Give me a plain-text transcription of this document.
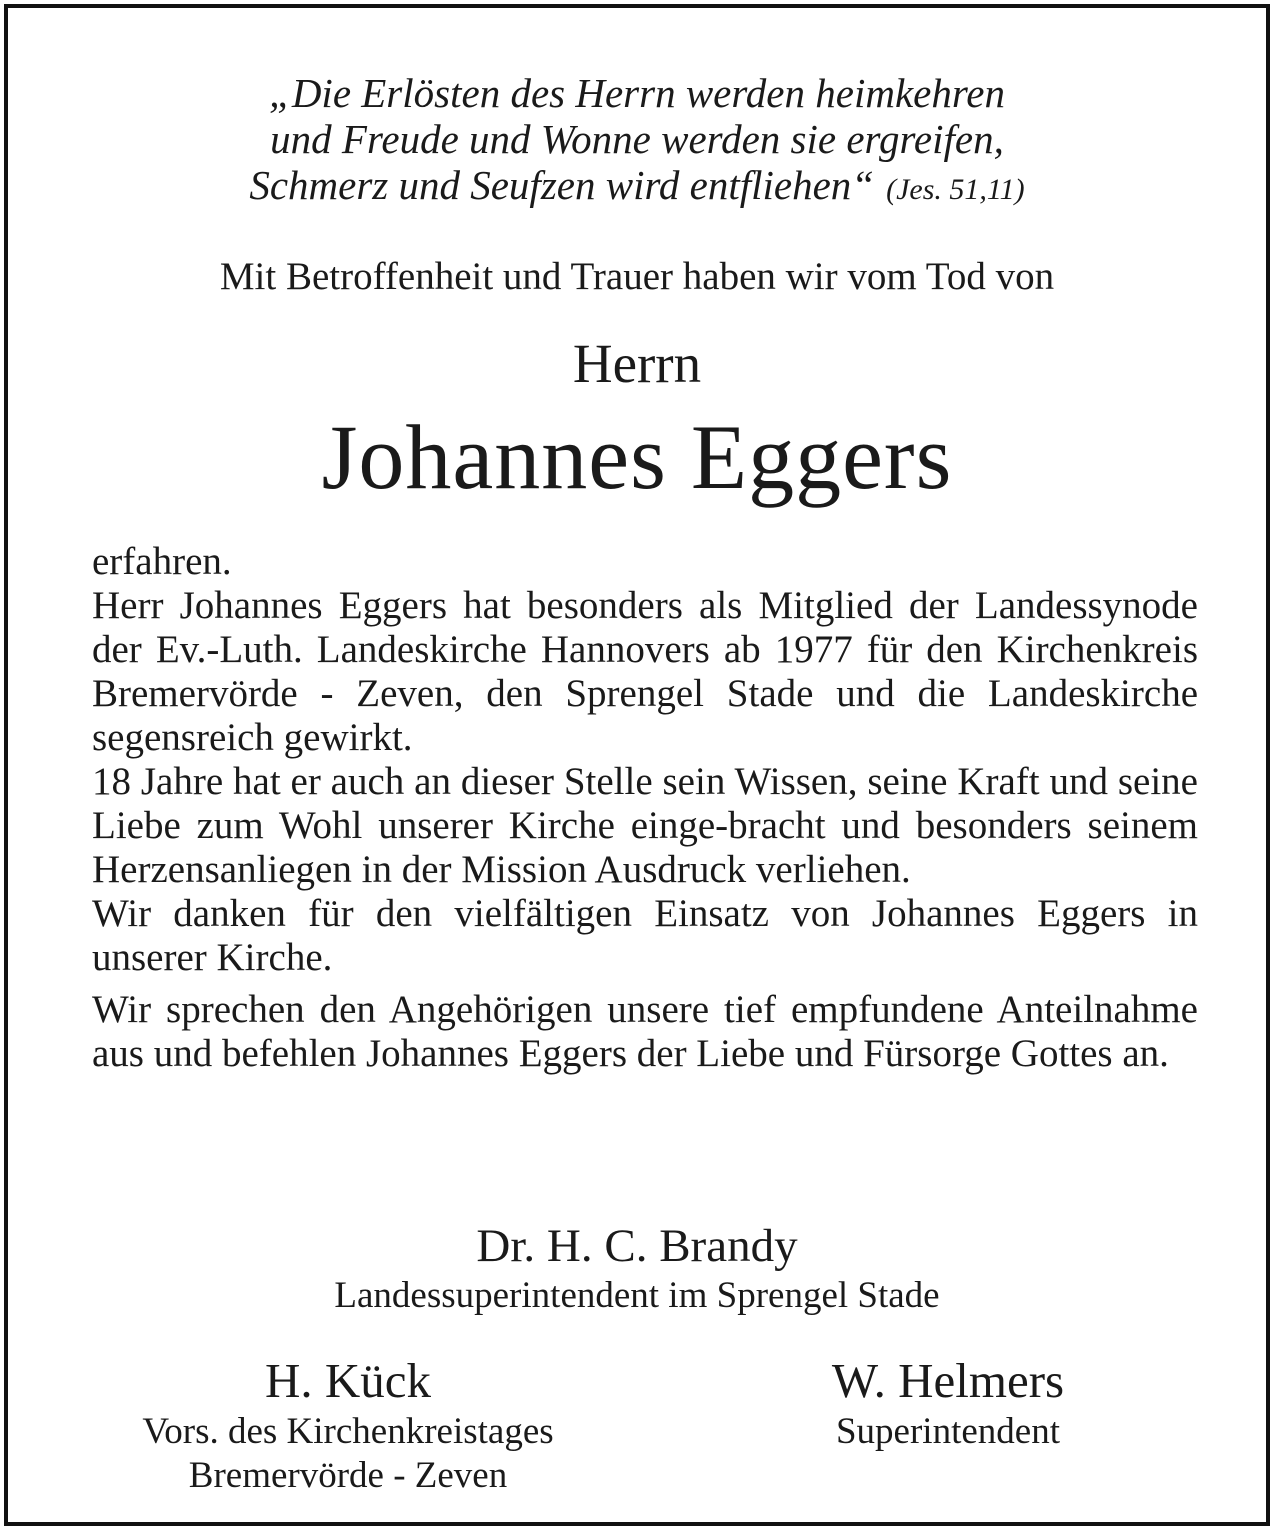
„Die Erlösten des Herrn werden heimkehren
und Freude und Wonne werden sie ergreifen,
Schmerz und Seufzen wird entfliehen“ (Jes. 51,11)
Mit Betroffenheit und Trauer haben wir vom Tod von
Herrn
Johannes Eggers

erfahren.

Herr Johannes Eggers hat besonders als Mitglied der Landessynode der Ev.-Luth. Landeskirche Hannovers ab 1977 für den Kirchenkreis Bremervörde - Zeven, den Sprengel Stade und die Landeskirche segensreich gewirkt.

18 Jahre hat er auch an dieser Stelle sein Wissen, seine Kraft und seine Liebe zum Wohl unserer Kirche einge-bracht und besonders seinem Herzensanliegen in der Mission Ausdruck verliehen.

Wir danken für den vielfältigen Einsatz von Johannes Eggers in unserer Kirche.

Wir sprechen den Angehörigen unsere tief empfundene Anteilnahme aus und befehlen Johannes Eggers der Liebe und Fürsorge Gottes an.

Dr. H. C. Brandy
Landessuperintendent im Sprengel Stade
H. Kück
Vors. des Kirchenkreistages
Bremervörde - Zeven
W. Helmers
Superintendent
